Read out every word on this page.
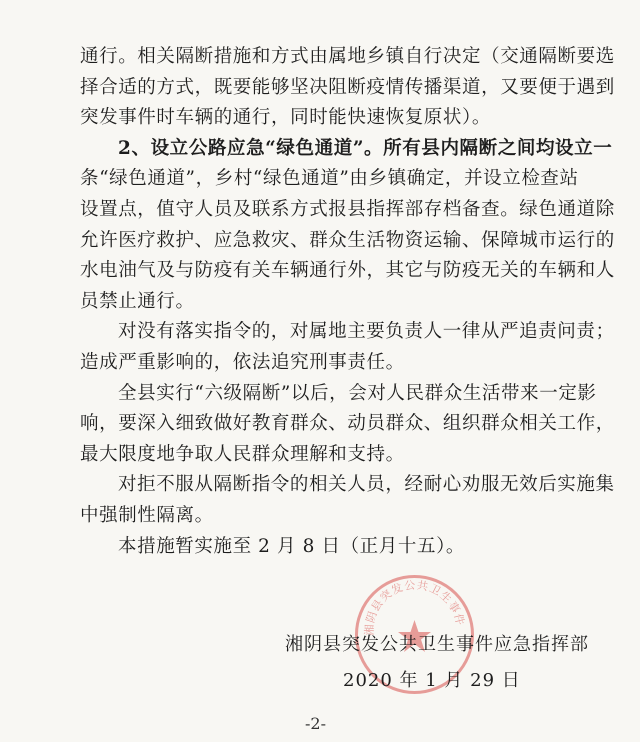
通行。相关隔断措施和方式由属地乡镇自行决定（交通隔断要选
择合适的方式，既要能够坚决阻断疫情传播渠道，又要便于遇到
突发事件时车辆的通行，同时能快速恢复原状）。
2、设立公路应急“绿色通道”。所有县内隔断之间均设立一
条“绿色通道”，乡村“绿色通道”由乡镇确定，并设立检查站
设置点，值守人员及联系方式报县指挥部存档备查。绿色通道除
允许医疗救护、应急救灾、群众生活物资运输、保障城市运行的
水电油气及与防疫有关车辆通行外，其它与防疫无关的车辆和人
员禁止通行。
对没有落实指令的，对属地主要负责人一律从严追责问责；
造成严重影响的，依法追究刑事责任。
全县实行“六级隔断”以后，会对人民群众生活带来一定影
响，要深入细致做好教育群众、动员群众、组织群众相关工作，
最大限度地争取人民群众理解和支持。
对拒不服从隔断指令的相关人员，经耐心劝服无效后实施集
中强制性隔离。
本措施暂实施至 2 月 8 日（正月十五）。
湘阴县突发公共卫生事件
湘阴县突发公共卫生事件应急指挥部
2020 年 1 月 29 日
-2-
